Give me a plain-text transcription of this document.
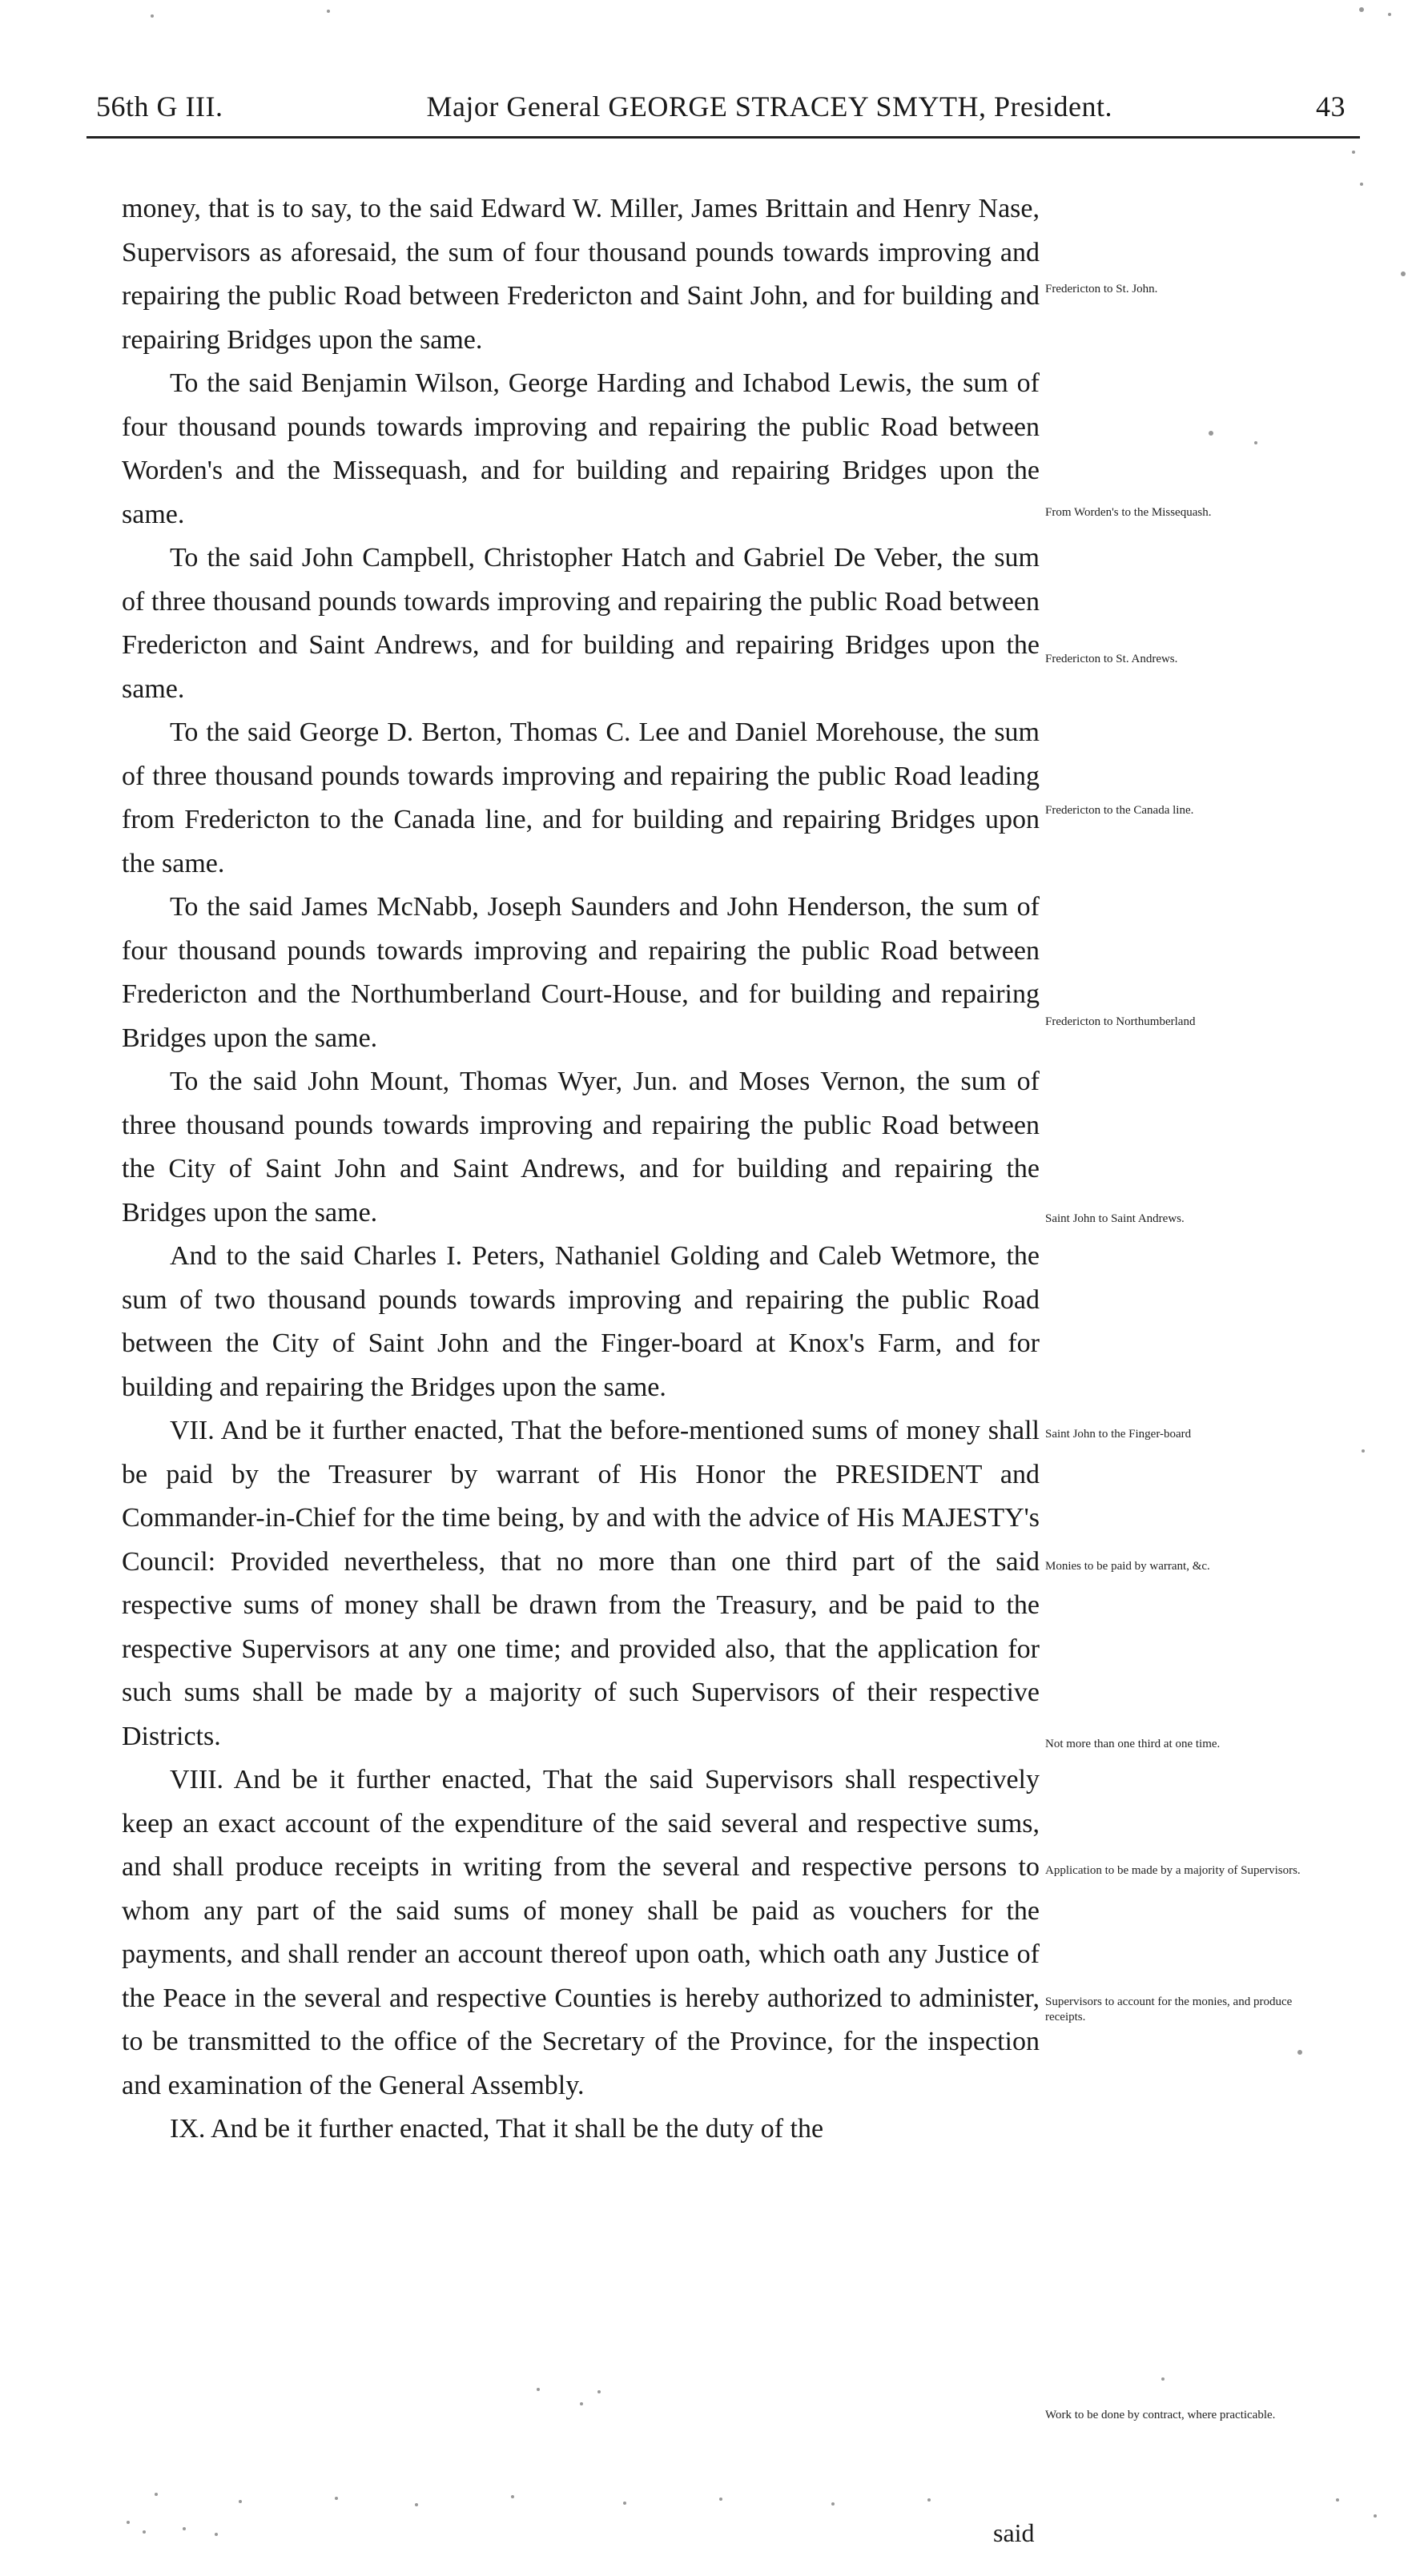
56th G III.	Major General GEORGE STRACEY SMYTH, President.	43

money, that is to say, to the said Edward W. Miller, James Brittain and Henry Nase, Supervisors as aforesaid, the sum of four thousand pounds towards improving and repairing the public Road between Fredericton and Saint John, and for building and repairing Bridges upon the same.

To the said Benjamin Wilson, George Harding and Ichabod Lewis, the sum of four thousand pounds towards improving and repairing the public Road between Worden's and the Missequash, and for building and repairing Bridges upon the same.

To the said John Campbell, Christopher Hatch and Gabriel De Veber, the sum of three thousand pounds towards improving and repairing the public Road between Fredericton and Saint Andrews, and for building and repairing Bridges upon the same.

To the said George D. Berton, Thomas C. Lee and Daniel Morehouse, the sum of three thousand pounds towards improving and repairing the public Road leading from Fredericton to the Canada line, and for building and repairing Bridges upon the same.

To the said James McNabb, Joseph Saunders and John Henderson, the sum of four thousand pounds towards improving and repairing the public Road between Fredericton and the Northumberland Court-House, and for building and repairing Bridges upon the same.

To the said John Mount, Thomas Wyer, Jun. and Moses Vernon, the sum of three thousand pounds towards improving and repairing the public Road between the City of Saint John and Saint Andrews, and for building and repairing the Bridges upon the same.

And to the said Charles I. Peters, Nathaniel Golding and Caleb Wetmore, the sum of two thousand pounds towards improving and repairing the public Road between the City of Saint John and the Finger-board at Knox's Farm, and for building and repairing the Bridges upon the same.

VII. And be it further enacted, That the before-mentioned sums of money shall be paid by the Treasurer by warrant of His Honor the PRESIDENT and Commander-in-Chief for the time being, by and with the advice of His MAJESTY's Council: Provided nevertheless, that no more than one third part of the said respective sums of money shall be drawn from the Treasury, and be paid to the respective Supervisors at any one time; and provided also, that the application for such sums shall be made by a majority of such Supervisors of their respective Districts.

VIII. And be it further enacted, That the said Supervisors shall respectively keep an exact account of the expenditure of the said several and respective sums, and shall produce receipts in writing from the several and respective persons to whom any part of the said sums of money shall be paid as vouchers for the payments, and shall render an account thereof upon oath, which oath any Justice of the Peace in the several and respective Counties is hereby authorized to administer, to be transmitted to the office of the Secretary of the Province, for the inspection and examination of the General Assembly.

IX. And be it further enacted, That it shall be the duty of the

Fredericton to St. John.
From Worden's to the Missequash.
Fredericton to St. Andrews.
Fredericton to the Canada line.
Fredericton to Northumberland
Saint John to Saint Andrews.
Saint John to the Finger-board
Monies to be paid by warrant, &c.
Not more than one third at one time.
Application to be made by a majority of Supervisors.
Supervisors to account for the monies, and produce receipts.
Work to be done by contract, where practicable.
said
